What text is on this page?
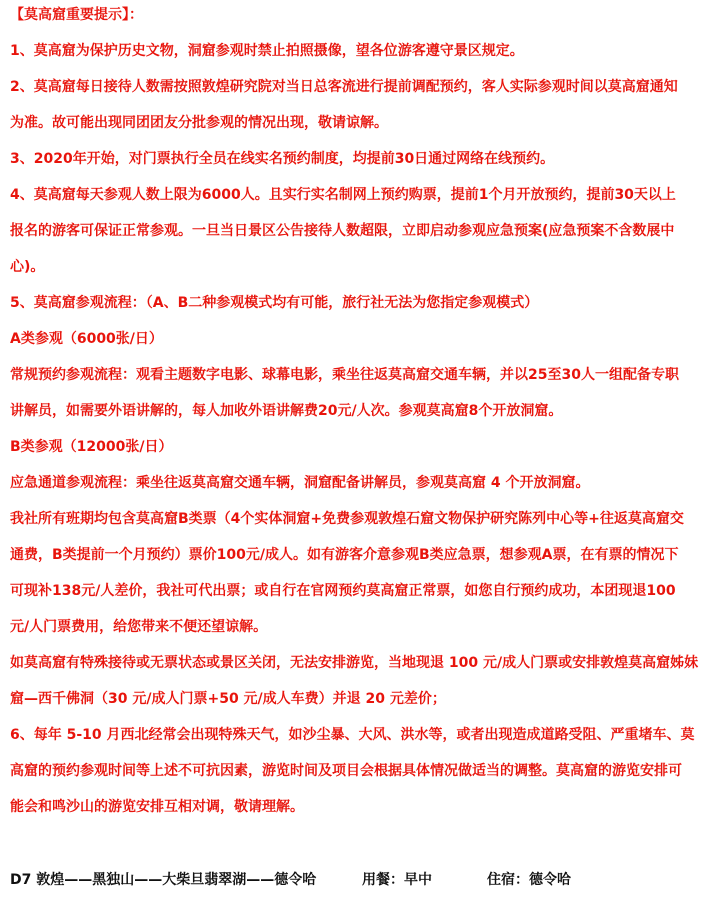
【莫高窟重要提示】：
1、莫高窟为保护历史文物，洞窟参观时禁止拍照摄像，望各位游客遵守景区规定。
2、莫高窟每日接待人数需按照敦煌研究院对当日总客流进行提前调配预约，客人实际参观时间以莫高窟通知
为准。故可能出现同团团友分批参观的情况出现，敬请谅解。
3、2020年开始，对门票执行全员在线实名预约制度，均提前30日通过网络在线预约。
4、莫高窟每天参观人数上限为6000人。且实行实名制网上预约购票，提前1个月开放预约，提前30天以上
报名的游客可保证正常参观。一旦当日景区公告接待人数超限，立即启动参观应急预案(应急预案不含数展中
心)。
5、莫高窟参观流程：（A、B二种参观模式均有可能，旅行社无法为您指定参观模式）
A类参观（6000张/日）
常规预约参观流程：观看主题数字电影、球幕电影，乘坐往返莫高窟交通车辆，并以25至30人一组配备专职
讲解员，如需要外语讲解的，每人加收外语讲解费20元/人次。参观莫高窟8个开放洞窟。
B类参观（12000张/日）
应急通道参观流程：乘坐往返莫高窟交通车辆，洞窟配备讲解员，参观莫高窟 4 个开放洞窟。
我社所有班期均包含莫高窟B类票（4个实体洞窟+免费参观敦煌石窟文物保护研究陈列中心等+往返莫高窟交
通费，B类提前一个月预约）票价100元/成人。如有游客介意参观B类应急票，想参观A票，在有票的情况下
可现补138元/人差价，我社可代出票；或自行在官网预约莫高窟正常票，如您自行预约成功，本团现退100
元/人门票费用，给您带来不便还望谅解。
如莫高窟有特殊接待或无票状态或景区关闭，无法安排游览，当地现退 100 元/成人门票或安排敦煌莫高窟姊妹
窟—西千佛洞（30 元/成人门票+50 元/成人车费）并退 20 元差价；
6、每年 5-10 月西北经常会出现特殊天气，如沙尘暴、大风、洪水等，或者出现造成道路受阻、严重堵车、莫
高窟的预约参观时间等上述不可抗因素，游览时间及项目会根据具体情况做适当的调整。莫高窟的游览安排可
能会和鸣沙山的游览安排互相对调，敬请理解。
D7 敦煌——黑独山——大柴旦翡翠湖——德令哈	用餐：早中	住宿：德令哈
